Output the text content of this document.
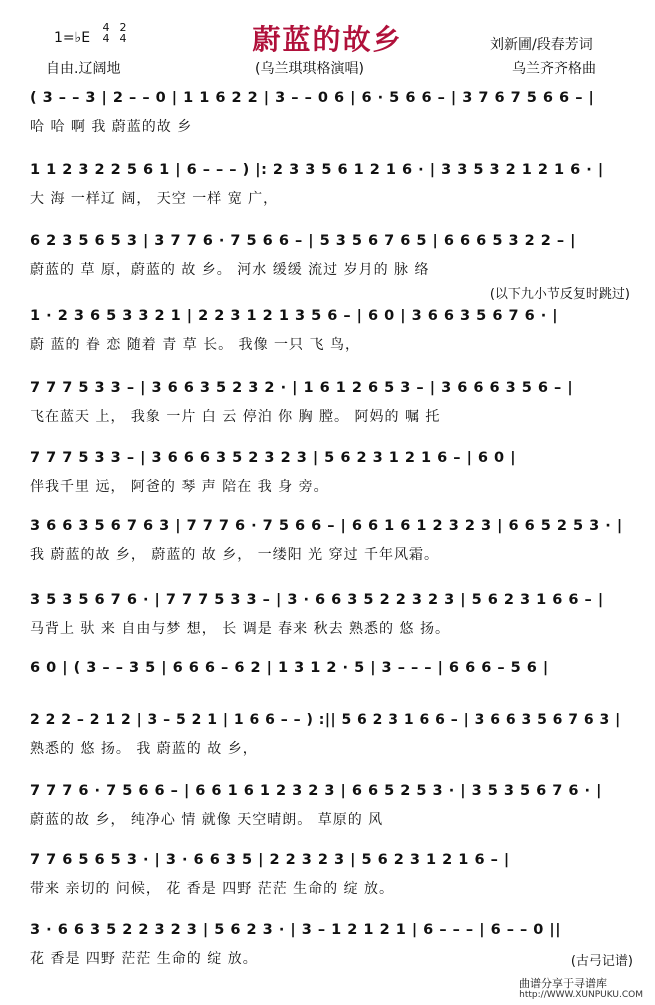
蔚蓝的故乡
1=♭E
4
4
2
4
自由.辽阔地	(乌兰琪琪格演唱)
刘新圃/段春芳词
乌兰齐齐格曲
( 3 – – 3 | 2 – – 0 | 1 1 6 2 2 | 3 – – 0 6 | 6 · 5 6 6 – | 3 7 6 7 5 6 6 – |
哈 哈 啊 我 蔚蓝的故 乡
1 1 2 3 2 2 5 6 1 | 6 – – – ) |: 2 3 3 5 6 1 2 1 6 · | 3 3 5 3 2 1 2 1 6 · |
大 海 一样辽 阔， 天空 一样 宽 广，
6 2 3 5 6 5 3 | 3 7 7 6 · 7 5 6 6 – | 5 3 5 6 7 6 5 | 6 6 6 5 3 2 2 – |
蔚蓝的 草 原，蔚蓝的 故 乡。 河水 缓缓 流过 岁月的 脉 络
(以下九小节反复时跳过)
1 · 2 3 6 5 3 3 2 1 | 2 2 3 1 2 1 3 5 6 – | 6 0 | 3 6 6 3 5 6 7 6 · |
蔚 蓝的 眷 恋 随着 青 草 长。 我像 一只 飞 鸟，
7 7 7 5 3 3 – | 3 6 6 3 5 2 3 2 · | 1 6 1 2 6 5 3 – | 3 6 6 6 3 5 6 – |
飞在蓝天 上， 我象 一片 白 云 停泊 你 胸 膛。 阿妈的 嘱 托
7 7 7 5 3 3 – | 3 6 6 6 3 5 2 3 2 3 | 5 6 2 3 1 2 1 6 – | 6 0 |
伴我千里 远， 阿爸的 琴 声 陪在 我 身 旁。
3 6 6 3 5 6 7 6 3 | 7 7 7 6 · 7 5 6 6 – | 6 6 1 6 1 2 3 2 3 | 6 6 5 2 5 3 · |
我 蔚蓝的故 乡， 蔚蓝的 故 乡， 一缕阳 光 穿过 千年风霜。
3 5 3 5 6 7 6 · | 7 7 7 5 3 3 – | 3 · 6 6 3 5 2 2 3 2 3 | 5 6 2 3 1 6 6 – |
马背上 驮 来 自由与梦 想， 长 调是 春来 秋去 熟悉的 悠 扬。
6 0 | ( 3 – – 3 5 | 6 6 6 – 6 2 | 1 3 1 2 · 5 | 3 – – – | 6 6 6 – 5 6 |
2 2 2 – 2 1 2 | 3 – 5 2 1 | 1 6 6 – – ) :|| 5 6 2 3 1 6 6 – | 3 6 6 3 5 6 7 6 3 |
熟悉的 悠 扬。 我 蔚蓝的 故 乡，
7 7 7 6 · 7 5 6 6 – | 6 6 1 6 1 2 3 2 3 | 6 6 5 2 5 3 · | 3 5 3 5 6 7 6 · |
蔚蓝的故 乡， 纯净心 情 就像 天空晴朗。 草原的 风
7 7 6 5 6 5 3 · | 3 · 6 6 3 5 | 2 2 3 2 3 | 5 6 2 3 1 2 1 6 – |
带来 亲切的 问候， 花 香是 四野 茫茫 生命的 绽 放。
3 · 6 6 3 5 2 2 3 2 3 | 5 6 2 3 · | 3 – 1 2 1 2 1 | 6 – – – | 6 – – 0 ||
花 香是 四野 茫茫 生命的 绽 放。	(古弓记谱)
曲谱分享于寻谱库
http://WWW.XUNPUKU.COM
